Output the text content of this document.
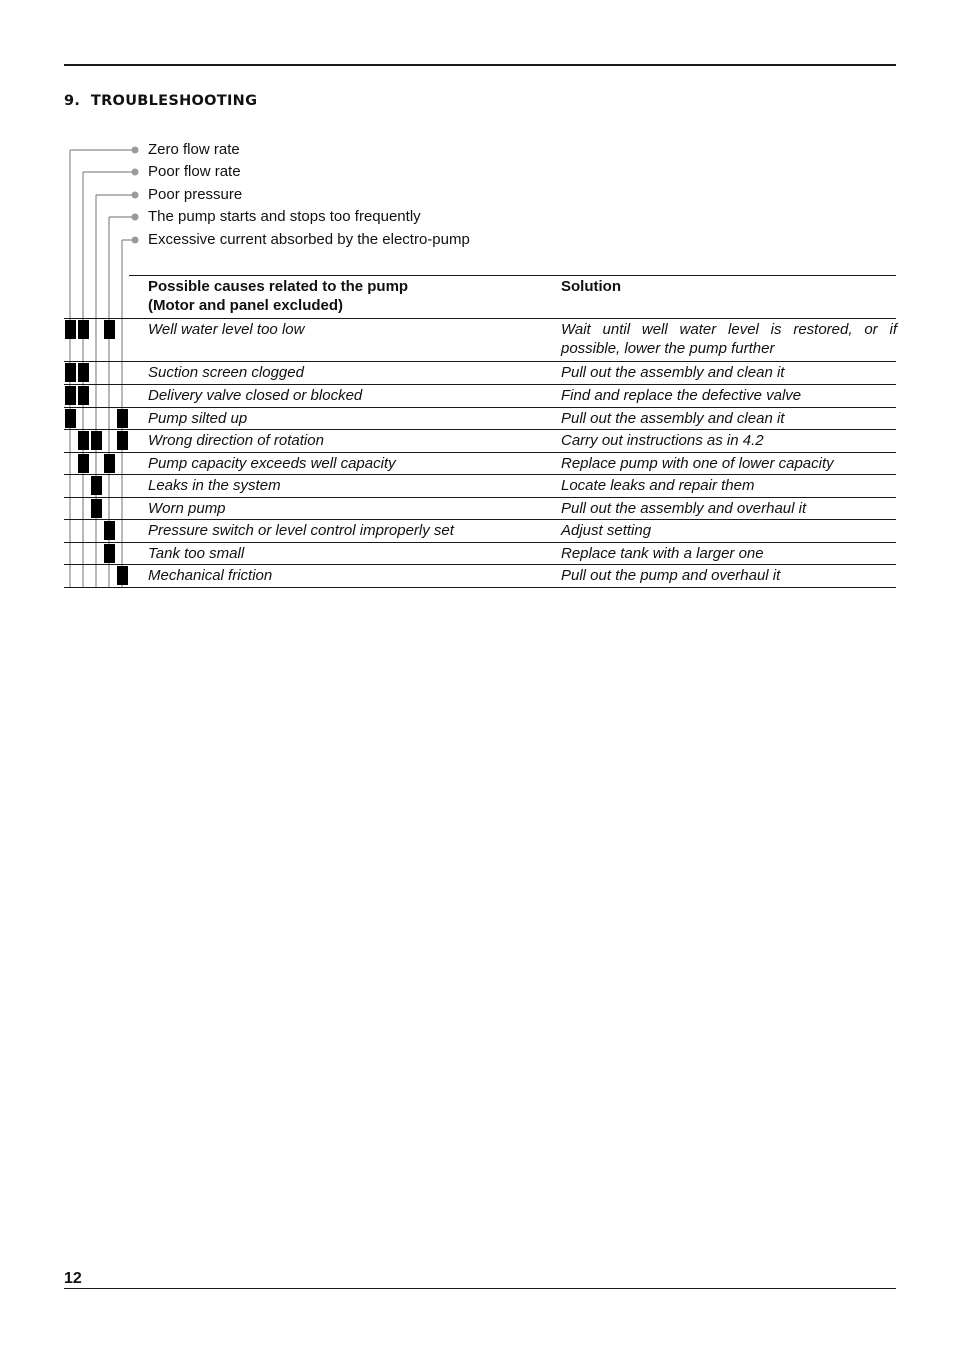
9. TROUBLESHOOTING
Zero flow rate
Poor flow rate
Poor pressure
The pump starts and stops too frequently
Excessive current absorbed by the electro-pump
Possible causes related to the pump
(Motor and panel excluded)
Solution
Well water level too low	Wait until well water level is restored, or if possible, lower the pump further
Suction screen clogged	Pull out the assembly and clean it
Delivery valve closed or blocked	Find and replace the defective valve
Pump silted up	Pull out the assembly and clean it
Wrong direction of rotation	Carry out instructions as in 4.2
Pump capacity exceeds well capacity	Replace pump with one of lower capacity
Leaks in the system	Locate leaks and repair them
Worn pump	Pull out the assembly and overhaul it
Pressure switch or level control improperly set	Adjust setting
Tank too small	Replace tank with a larger one
Mechanical friction	Pull out the pump and overhaul it
12
